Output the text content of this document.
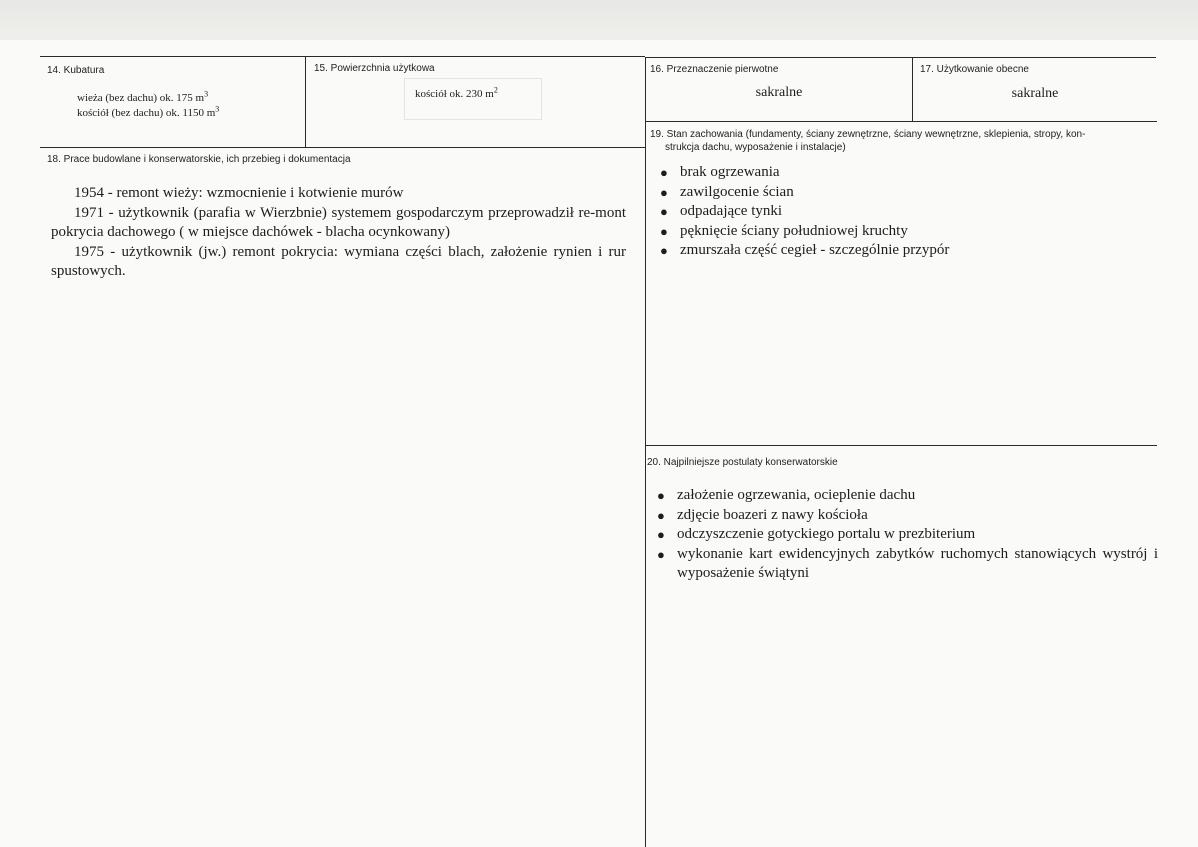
14. Kubatura
wieża (bez dachu) ok. 175 $m^3$
kościół (bez dachu) ok. 1150 $m^3$
15. Powierzchnia użytkowa
kościół ok. 230 $m^2$
16. Przeznaczenie pierwotne
sakralne
17. Użytkowanie obecne
sakralne
18. Prace budowlane i konserwatorskie, ich przebieg i dokumentacja

1954 - remont wieży: wzmocnienie i kotwienie murów

1971 - użytkownik (parafia w Wierzbnie) systemem gospodarczym przeprowadził re-mont pokrycia dachowego ( w miejsce dachówek - blacha ocynkowany)

1975 - użytkownik (jw.) remont pokrycia: wymiana części blach, założenie rynien i rur spustowych.

19. Stan zachowania (fundamenty, ściany zewnętrzne, ściany wewnętrzne, sklepienia, stropy, kon-
strukcja dachu, wyposażenie i instalacje)
● brak ogrzewania
● zawilgocenie ścian
● odpadające tynki
● pęknięcie ściany południowej kruchty
● zmurszała część cegieł - szczególnie przypór
20. Najpilniejsze postulaty konserwatorskie
● założenie ogrzewania, ocieplenie dachu
● zdjęcie boazeri z nawy kościoła
● odczyszczenie gotyckiego portalu w prezbiterium
● wykonanie kart ewidencyjnych zabytków ruchomych stanowiących wystrój i wyposażenie świątyni
